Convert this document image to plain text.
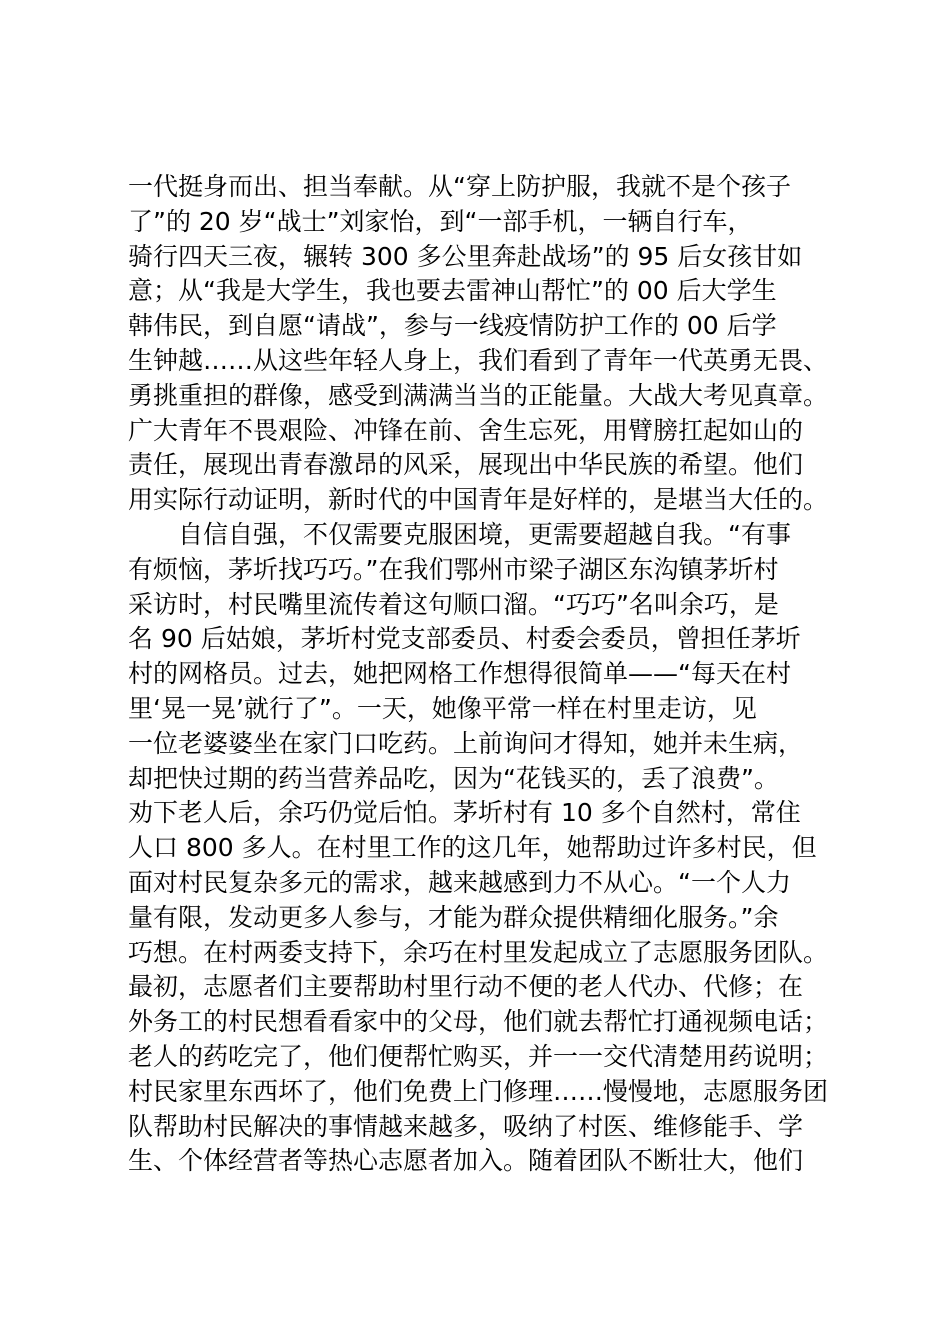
一代挺身而出、担当奉献。从“穿上防护服，我就不是个孩子
了”的 20 岁“战士”刘家怡，到“一部手机，一辆自行车，
骑行四天三夜，辗转 300 多公里奔赴战场”的 95 后女孩甘如
意；从“我是大学生，我也要去雷神山帮忙”的 00 后大学生
韩伟民，到自愿“请战”，参与一线疫情防护工作的 00 后学
生钟越……从这些年轻人身上，我们看到了青年一代英勇无畏、
勇挑重担的群像，感受到满满当当的正能量。大战大考见真章。
广大青年不畏艰险、冲锋在前、舍生忘死，用臂膀扛起如山的
责任，展现出青春激昂的风采，展现出中华民族的希望。他们
用实际行动证明，新时代的中国青年是好样的，是堪当大任的。
　　自信自强，不仅需要克服困境，更需要超越自我。“有事
有烦恼，茅圻找巧巧。”在我们鄂州市梁子湖区东沟镇茅圻村
采访时，村民嘴里流传着这句顺口溜。“巧巧”名叫余巧，是
名 90 后姑娘，茅圻村党支部委员、村委会委员，曾担任茅圻
村的网格员。过去，她把网格工作想得很简单——“每天在村
里‘晃一晃’就行了”。一天，她像平常一样在村里走访，见
一位老婆婆坐在家门口吃药。上前询问才得知，她并未生病，
却把快过期的药当营养品吃，因为“花钱买的，丢了浪费”。
劝下老人后，余巧仍觉后怕。茅圻村有 10 多个自然村，常住
人口 800 多人。在村里工作的这几年，她帮助过许多村民，但
面对村民复杂多元的需求，越来越感到力不从心。“一个人力
量有限，发动更多人参与，才能为群众提供精细化服务。”余
巧想。在村两委支持下，余巧在村里发起成立了志愿服务团队。
最初，志愿者们主要帮助村里行动不便的老人代办、代修；在
外务工的村民想看看家中的父母，他们就去帮忙打通视频电话；
老人的药吃完了，他们便帮忙购买，并一一交代清楚用药说明；
村民家里东西坏了，他们免费上门修理……慢慢地，志愿服务团
队帮助村民解决的事情越来越多，吸纳了村医、维修能手、学
生、个体经营者等热心志愿者加入。随着团队不断壮大，他们
